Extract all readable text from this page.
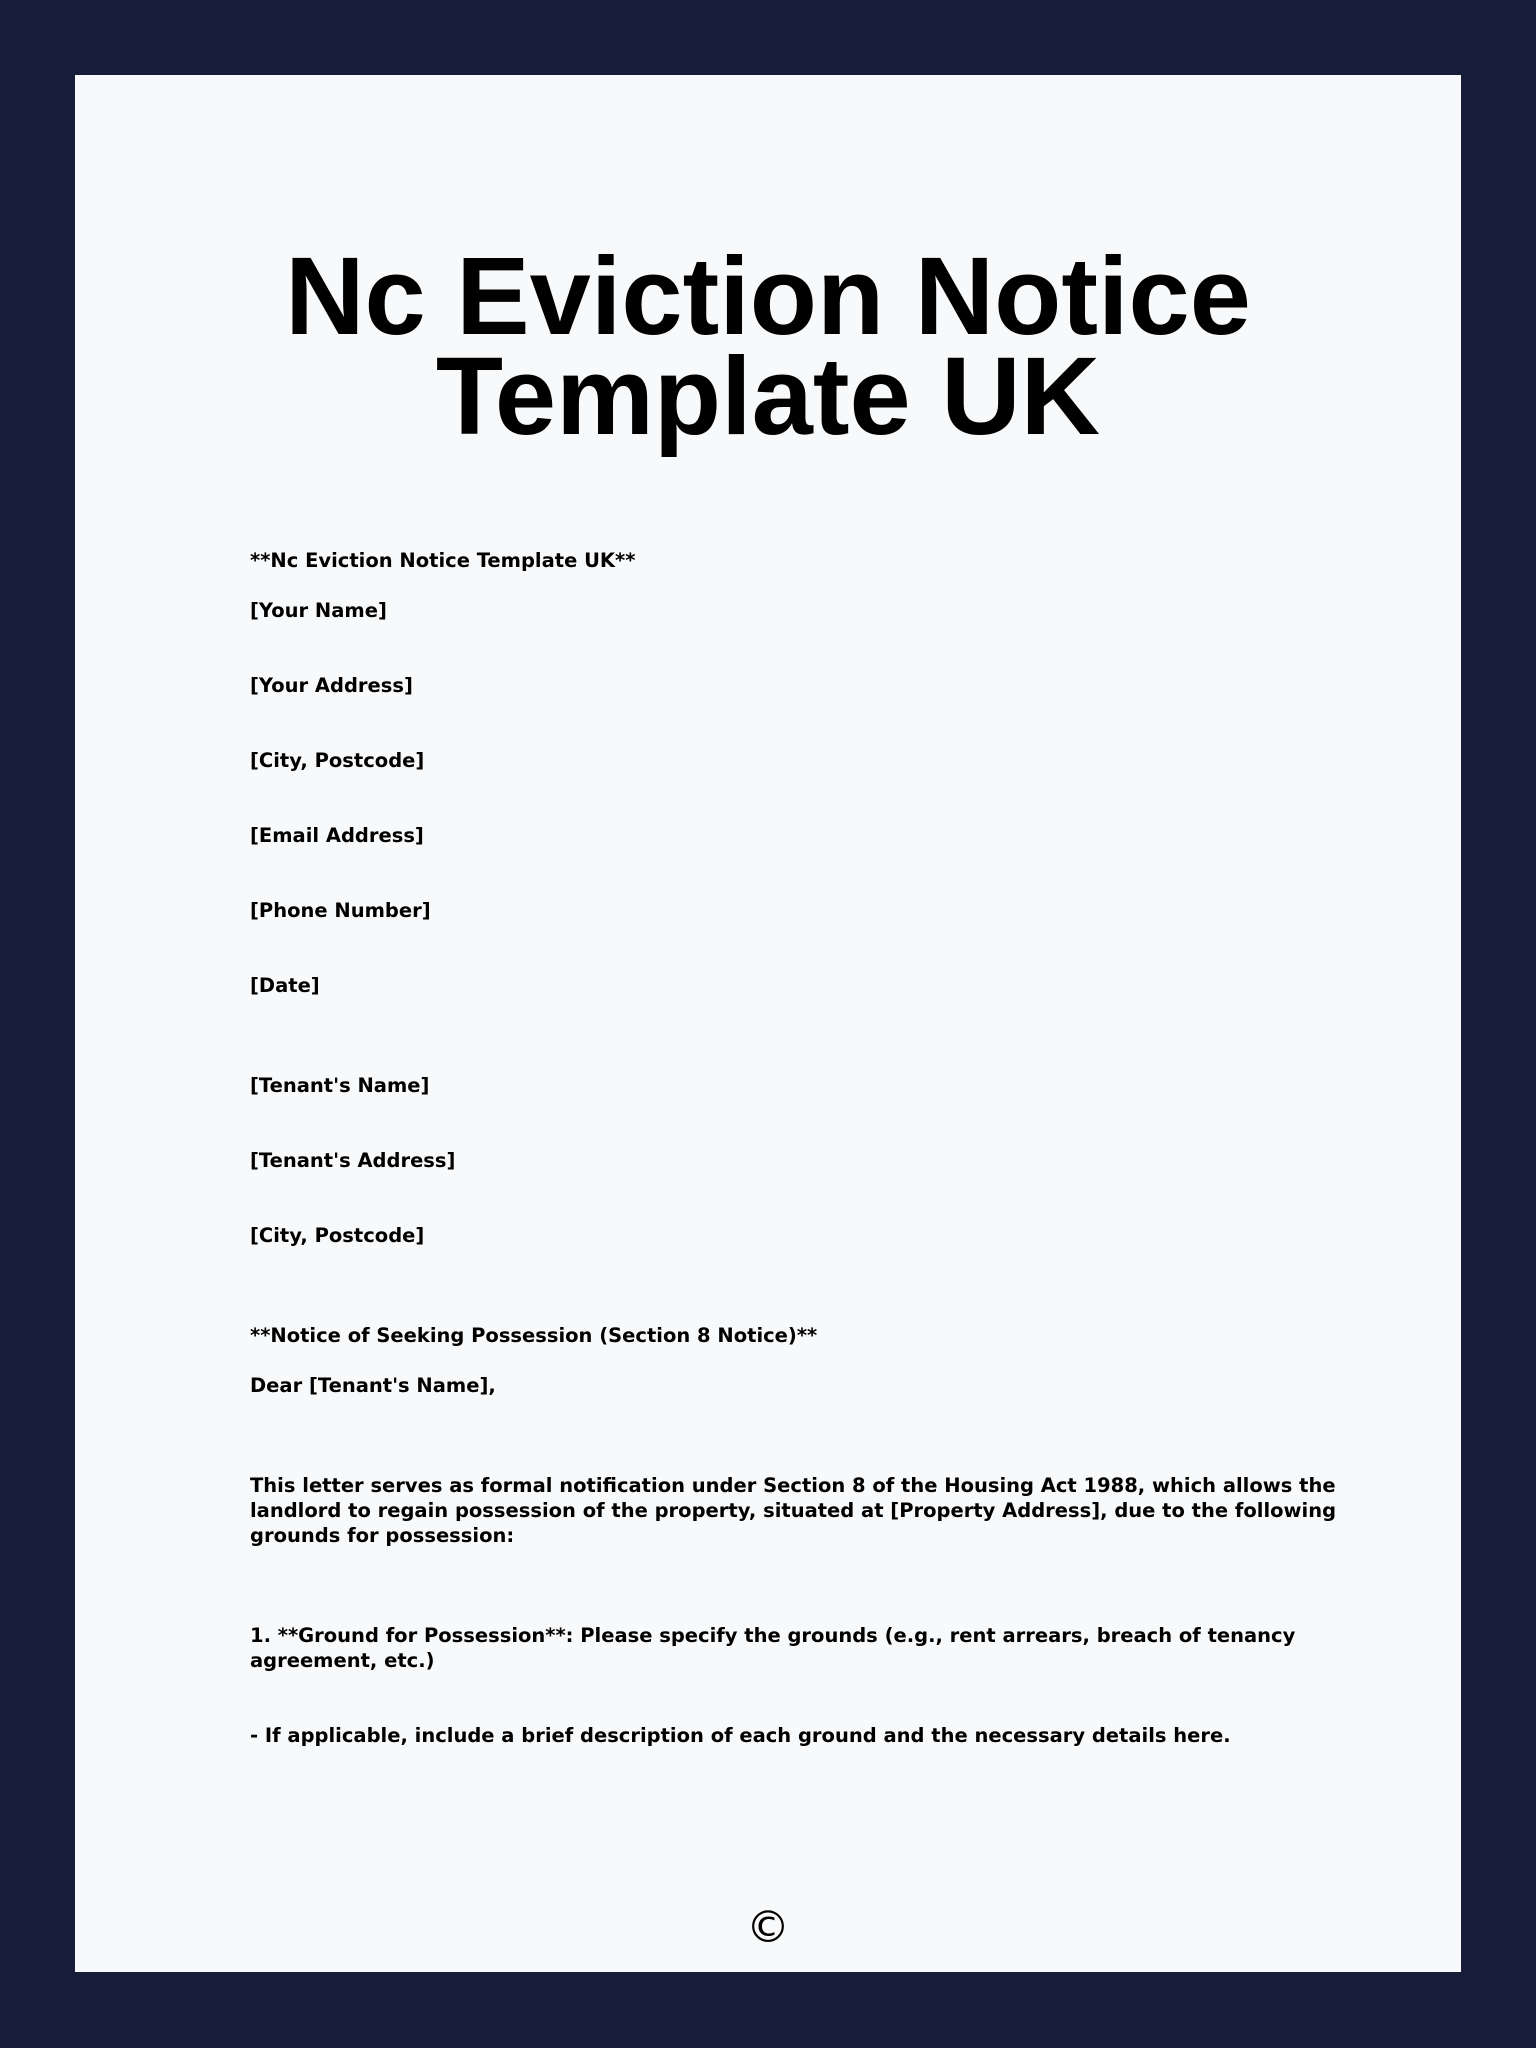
Nc Eviction Notice Template UK

**Nc Eviction Notice Template UK**

[Your Name]

[Your Address]

[City, Postcode]

[Email Address]

[Phone Number]

[Date]

[Tenant's Name]

[Tenant's Address]

[City, Postcode]

**Notice of Seeking Possession (Section 8 Notice)**

Dear [Tenant's Name],

This letter serves as formal notification under Section 8 of the Housing Act 1988, which allows the landlord to regain possession of the property, situated at [Property Address], due to the following grounds for possession:

1. **Ground for Possession**: Please specify the grounds (e.g., rent arrears, breach of tenancy agreement, etc.)

- If applicable, include a brief description of each ground and the necessary details here.

©
